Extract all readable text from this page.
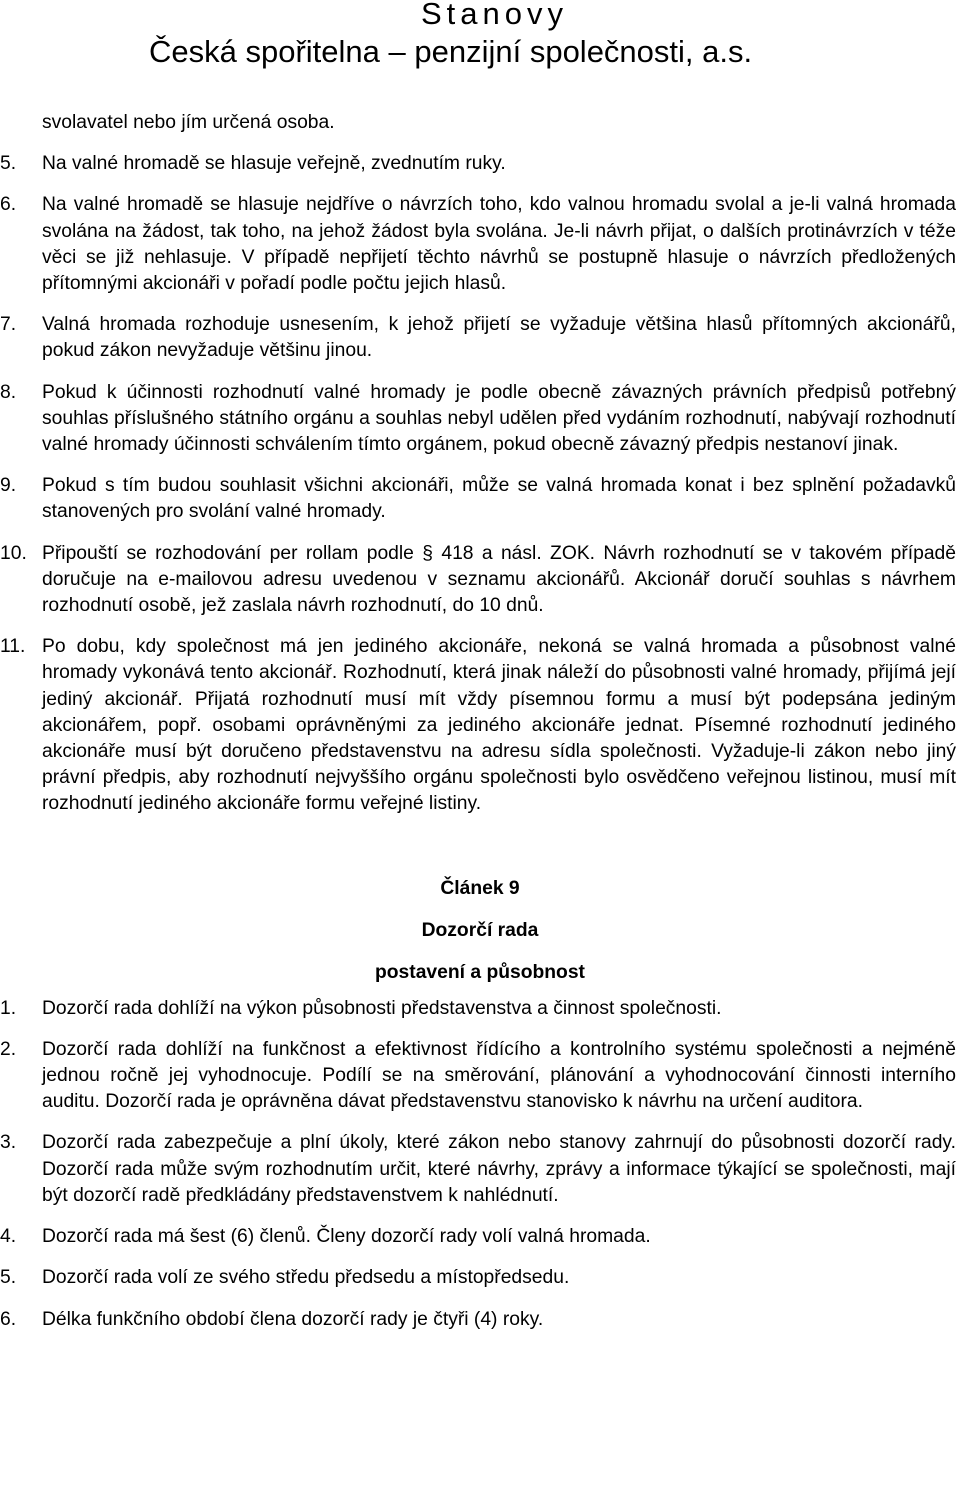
Stanovy
Česká spořitelna – penzijní společnosti, a.s.
svolavatel nebo jím určená osoba.
5. Na valné hromadě se hlasuje veřejně, zvednutím ruky.
6. Na valné hromadě se hlasuje nejdříve o návrzích toho, kdo valnou hromadu svolal a je-li valná hromada svolána na žádost, tak toho, na jehož žádost byla svolána. Je-li návrh přijat, o dalších protinávrzích v téže věci se již nehlasuje. V případě nepřijetí těchto návrhů se postupně hlasuje o návrzích předložených přítomnými akcionáři v pořadí podle počtu jejich hlasů.
7. Valná hromada rozhoduje usnesením, k jehož přijetí se vyžaduje většina hlasů přítomných akcionářů, pokud zákon nevyžaduje většinu jinou.
8. Pokud k účinnosti rozhodnutí valné hromady je podle obecně závazných právních předpisů potřebný souhlas příslušného státního orgánu a souhlas nebyl udělen před vydáním rozhodnutí, nabývají rozhodnutí valné hromady účinnosti schválením tímto orgánem, pokud obecně závazný předpis nestanoví jinak.
9. Pokud s tím budou souhlasit všichni akcionáři, může se valná hromada konat i bez splnění požadavků stanovených pro svolání valné hromady.
10. Připouští se rozhodování per rollam podle § 418 a násl. ZOK. Návrh rozhodnutí se v takovém případě doručuje na e-mailovou adresu uvedenou v seznamu akcionářů. Akcionář doručí souhlas s návrhem rozhodnutí osobě, jež zaslala návrh rozhodnutí, do 10 dnů.
11. Po dobu, kdy společnost má jen jediného akcionáře, nekoná se valná hromada a působnost valné hromady vykonává tento akcionář. Rozhodnutí, která jinak náleží do působnosti valné hromady, přijímá její jediný akcionář. Přijatá rozhodnutí musí mít vždy písemnou formu a musí být podepsána jediným akcionářem, popř. osobami oprávněnými za jediného akcionáře jednat. Písemné rozhodnutí jediného akcionáře musí být doručeno představenstvu na adresu sídla společnosti. Vyžaduje-li zákon nebo jiný právní předpis, aby rozhodnutí nejvyššího orgánu společnosti bylo osvědčeno veřejnou listinou, musí mít rozhodnutí jediného akcionáře formu veřejné listiny.
Článek 9
Dozorčí rada
postavení a působnost
1. Dozorčí rada dohlíží na výkon působnosti představenstva a činnost společnosti.
2. Dozorčí rada dohlíží na funkčnost a efektivnost řídícího a kontrolního systému společnosti a nejméně jednou ročně jej vyhodnocuje. Podílí se na směrování, plánování a vyhodnocování činnosti interního auditu. Dozorčí rada je oprávněna dávat představenstvu stanovisko k návrhu na určení auditora.
3. Dozorčí rada zabezpečuje a plní úkoly, které zákon nebo stanovy zahrnují do působnosti dozorčí rady. Dozorčí rada může svým rozhodnutím určit, které návrhy, zprávy a informace týkající se společnosti, mají být dozorčí radě předkládány představenstvem k nahlédnutí.
4. Dozorčí rada má šest (6) členů. Členy dozorčí rady volí valná hromada.
5. Dozorčí rada volí ze svého středu předsedu a místopředsedu.
6. Délka funkčního období člena dozorčí rady je čtyři (4) roky.
